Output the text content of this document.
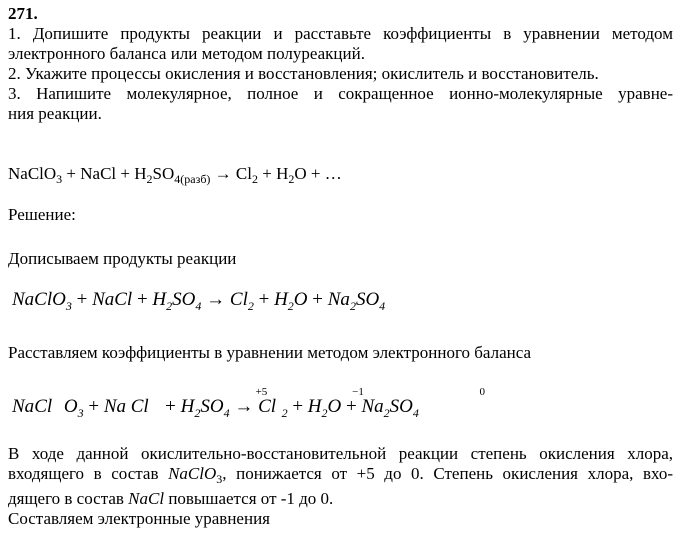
271.

1. Допишите продукты реакции и расставьте коэффициенты в уравнении методом

электронного баланса или методом полуреакций.

2. Укажите процессы окисления и восстановления; окислитель и восстановитель.

3. Напишите молекулярное, полное и сокращенное ионно-молекулярные уравне-

ния реакции.

NaClO$_3$ + NaCl + $H_2SO_{4(разб)} \to Cl_2 + H_2O$ + …

Решение:

Дописываем продукты реакции

NaClO$_3$ + NaCl + $H_2SO_4 \to Cl_2 + H_2O + Na_2SO_4$

Расставляем коэффициенты в уравнении методом электронного баланса

$NaCl^{+5}O_3 + Na$ $Cl^{-1} + H_2SO_4 \to Cl^0_2 + H_2O + Na_2SO_4$

В ходе данной окислительно-восстановительной реакции степень окисления хлора,

входящего в состав NaClO$_3$, понижается от +5 до 0. Степень окисления хлора, вхо-

дящего в состав NaCl повышается от -1 до 0.

Составляем электронные уравнения
